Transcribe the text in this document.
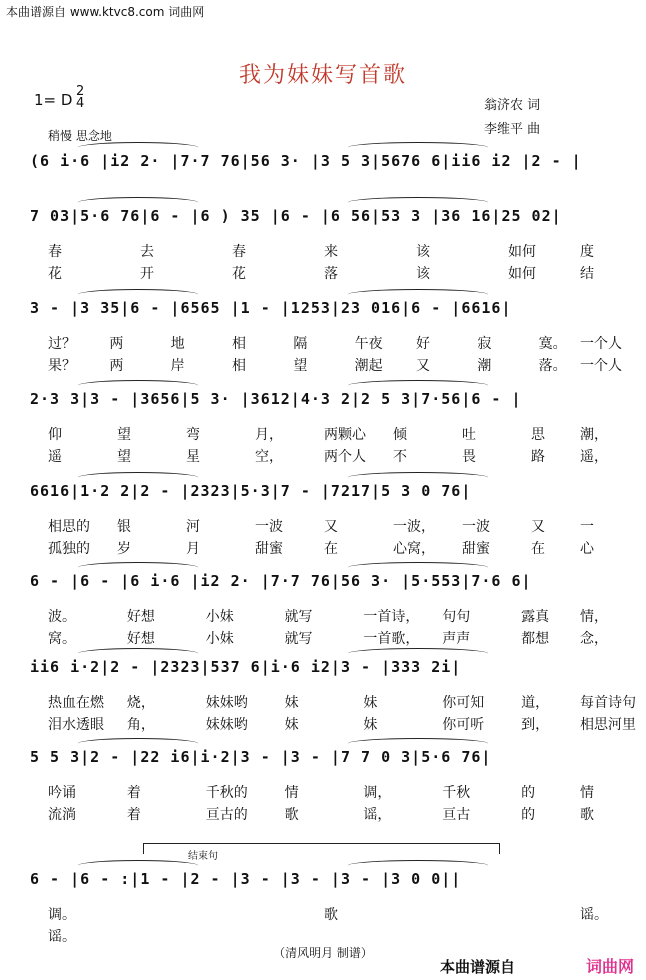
本曲谱源自 www.ktvc8.com 词曲网
我为妹妹写首歌
1= D 2
4
稍慢 思念地
翁济农 词
李维平 曲
(6 i·6 |i2 2· |7·7 76|56 3· |3 5 3|5676 6|ii6 i2 |2 - |
7 03|5·6 76|6 - |6 ) 35 |6 - |6 56|53 3 |36 16|25 02|
春	去	春	来	该	如何	度
花	开	花	落	该	如何	结
3 - |3 35|6 - |6565 |1 - |1253|23 016|6 - |6616|
过？ 两	地	相	隔	午夜 好	寂	寞。 一个人
果？ 两	岸	相	望	潮起 又	潮	落。 一个人
2·3 3|3 - |3656|5 3· |3612|4·3 2|2 5 3|7·56|6 - |
仰	望	弯	月，	两颗心 倾	吐	思	潮，
遥	望	星	空，	两个人 不	畏	路	遥，
6616|1·2 2|2 - |2323|5·3|7 - |7217|5 3 0 76|
相思的 银	河	一波	又	一波， 一波	又	一
孤独的 岁	月	甜蜜	在	心窝， 甜蜜	在	心
6 - |6 - |6 i·6 |i2 2· |7·7 76|56 3· |5·553|7·6 6|
波。	好想	小妹	就写	一首诗， 句句	露真 情，
窝。	好想	小妹	就写	一首歌， 声声	都想 念，
ii6 i·2|2 - |2323|537 6|i·6 i2|3 - |333 2i|
热血在燃 烧，	妹妹哟	妹	妹	你可知	道， 每首诗句
泪水透眼 角，	妹妹哟	妹	妹	你可听	到， 相思河里
5 5 3|2 - |22 i6|i·2|3 - |3 - |7 7 0 3|5·6 76|
吟诵	着	千秋的	情	调，	千秋	的	情
流淌	着	亘古的	歌	谣，	亘古	的	歌
6 - |6 - :|1 - |2 - |3 - |3 - |3 - |3 0 0||
调。	歌	谣。
谣。
结束句
（清风明月 制谱）
本曲谱源自	词曲网
